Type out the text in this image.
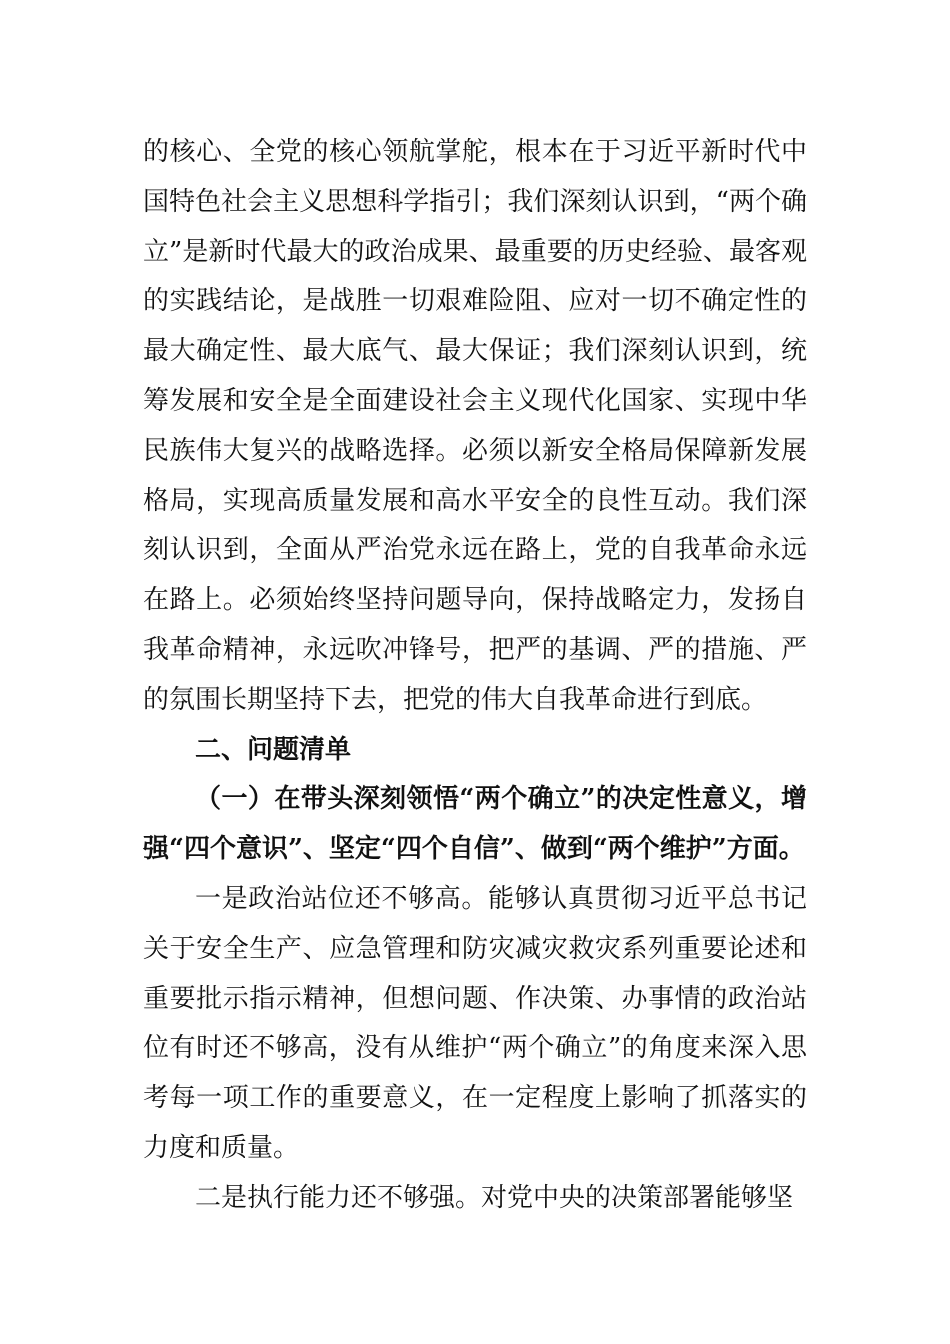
的核心、全党的核心领航掌舵，根本在于习近平新时代中国特色社会主义思想科学指引；我们深刻认识到，“两个确立”是新时代最大的政治成果、最重要的历史经验、最客观的实践结论，是战胜一切艰难险阻、应对一切不确定性的最大确定性、最大底气、最大保证；我们深刻认识到，统筹发展和安全是全面建设社会主义现代化国家、实现中华民族伟大复兴的战略选择。必须以新安全格局保障新发展格局，实现高质量发展和高水平安全的良性互动。我们深刻认识到，全面从严治党永远在路上，党的自我革命永远在路上。必须始终坚持问题导向，保持战略定力，发扬自我革命精神，永远吹冲锋号，把严的基调、严的措施、严的氛围长期坚持下去，把党的伟大自我革命进行到底。

二、问题清单

（一）在带头深刻领悟“两个确立”的决定性意义，增强“四个意识”、坚定“四个自信”、做到“两个维护”方面。

一是政治站位还不够高。能够认真贯彻习近平总书记关于安全生产、应急管理和防灾减灾救灾系列重要论述和重要批示指示精神，但想问题、作决策、办事情的政治站位有时还不够高，没有从维护“两个确立”的角度来深入思考每一项工作的重要意义，在一定程度上影响了抓落实的力度和质量。

二是执行能力还不够强。对党中央的决策部署能够坚
